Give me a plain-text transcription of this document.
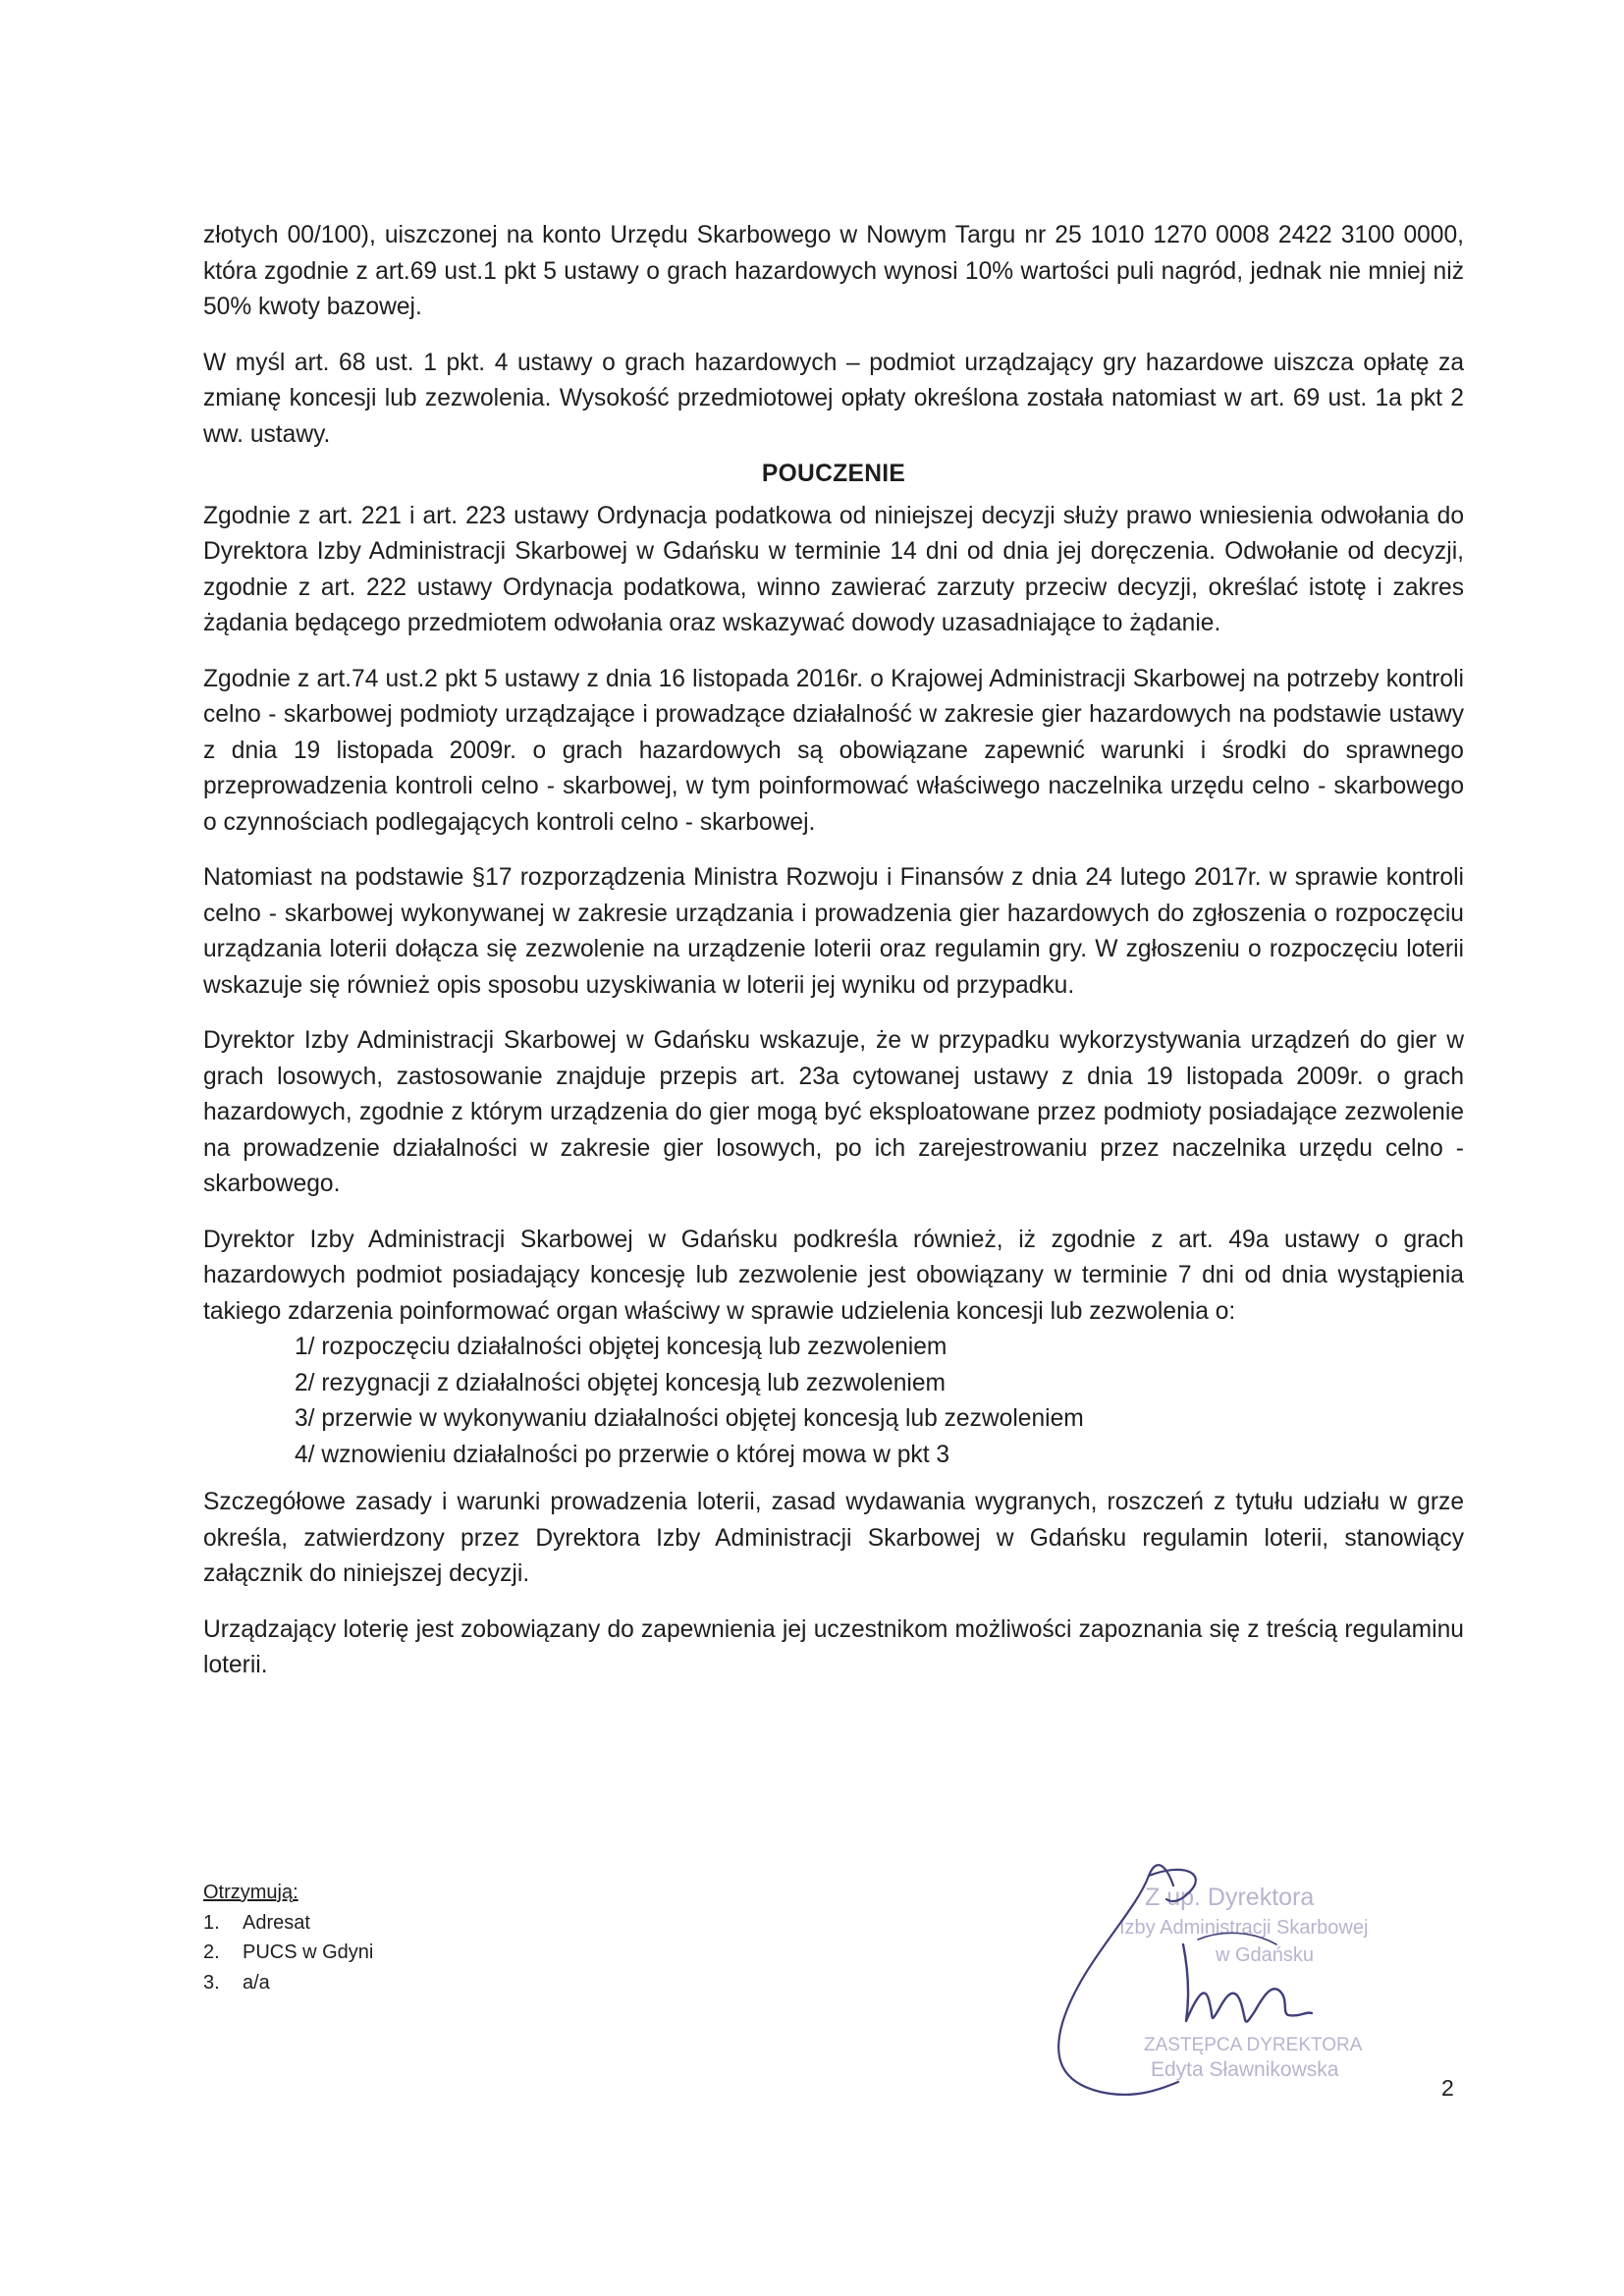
złotych 00/100), uiszczonej na konto Urzędu Skarbowego w Nowym Targu nr 25 1010 1270 0008 2422 3100 0000, która zgodnie z art.69 ust.1 pkt 5 ustawy o grach hazardowych wynosi 10% wartości puli nagród, jednak nie mniej niż 50% kwoty bazowej.

W myśl art. 68 ust. 1 pkt. 4 ustawy o grach hazardowych – podmiot urządzający gry hazardowe uiszcza opłatę za zmianę koncesji lub zezwolenia. Wysokość przedmiotowej opłaty określona została natomiast w art. 69 ust. 1a pkt 2 ww. ustawy.

POUCZENIE

Zgodnie z art. 221 i art. 223 ustawy Ordynacja podatkowa od niniejszej decyzji służy prawo wniesienia odwołania do Dyrektora Izby Administracji Skarbowej w Gdańsku w terminie 14 dni od dnia jej doręczenia. Odwołanie od decyzji, zgodnie z art. 222 ustawy Ordynacja podatkowa, winno zawierać zarzuty przeciw decyzji, określać istotę i zakres żądania będącego przedmiotem odwołania oraz wskazywać dowody uzasadniające to żądanie.

Zgodnie z art.74 ust.2 pkt 5 ustawy z dnia 16 listopada 2016r. o Krajowej Administracji Skarbowej na potrzeby kontroli celno - skarbowej podmioty urządzające i prowadzące działalność w zakresie gier hazardowych na podstawie ustawy z dnia 19 listopada 2009r. o grach hazardowych są obowiązane zapewnić warunki i środki do sprawnego przeprowadzenia kontroli celno - skarbowej, w tym poinformować właściwego naczelnika urzędu celno - skarbowego o czynnościach podlegających kontroli celno - skarbowej.

Natomiast na podstawie §17 rozporządzenia Ministra Rozwoju i Finansów z dnia 24 lutego 2017r. w sprawie kontroli celno - skarbowej wykonywanej w zakresie urządzania i prowadzenia gier hazardowych do zgłoszenia o rozpoczęciu urządzania loterii dołącza się zezwolenie na urządzenie loterii oraz regulamin gry. W zgłoszeniu o rozpoczęciu loterii wskazuje się również opis sposobu uzyskiwania w loterii jej wyniku od przypadku.

Dyrektor Izby Administracji Skarbowej w Gdańsku wskazuje, że w przypadku wykorzystywania urządzeń do gier w grach losowych, zastosowanie znajduje przepis art. 23a cytowanej ustawy z dnia 19 listopada 2009r. o grach hazardowych, zgodnie z którym urządzenia do gier mogą być eksploatowane przez podmioty posiadające zezwolenie na prowadzenie działalności w zakresie gier losowych, po ich zarejestrowaniu przez naczelnika urzędu celno - skarbowego.

Dyrektor Izby Administracji Skarbowej w Gdańsku podkreśla również, iż zgodnie z art. 49a ustawy o grach hazardowych podmiot posiadający koncesję lub zezwolenie jest obowiązany w terminie 7 dni od dnia wystąpienia takiego zdarzenia poinformować organ właściwy w sprawie udzielenia koncesji lub zezwolenia o:

1/ rozpoczęciu działalności objętej koncesją lub zezwoleniem
2/ rezygnacji z działalności objętej koncesją lub zezwoleniem
3/ przerwie w wykonywaniu działalności objętej koncesją lub zezwoleniem
4/ wznowieniu działalności po przerwie o której mowa w pkt 3

Szczegółowe zasady i warunki prowadzenia loterii, zasad wydawania wygranych, roszczeń z tytułu udziału w grze określa, zatwierdzony przez Dyrektora Izby Administracji Skarbowej w Gdańsku regulamin loterii, stanowiący załącznik do niniejszej decyzji.

Urządzający loterię jest zobowiązany do zapewnienia jej uczestnikom możliwości zapoznania się z treścią regulaminu loterii.

Otrzymują:
1. Adresat
2. PUCS w Gdyni
3. a/a
Z up. Dyrektora
Izby Administracji Skarbowej
w Gdańsku
ZASTĘPCA DYREKTORA
Edyta Sławnikowska
2
